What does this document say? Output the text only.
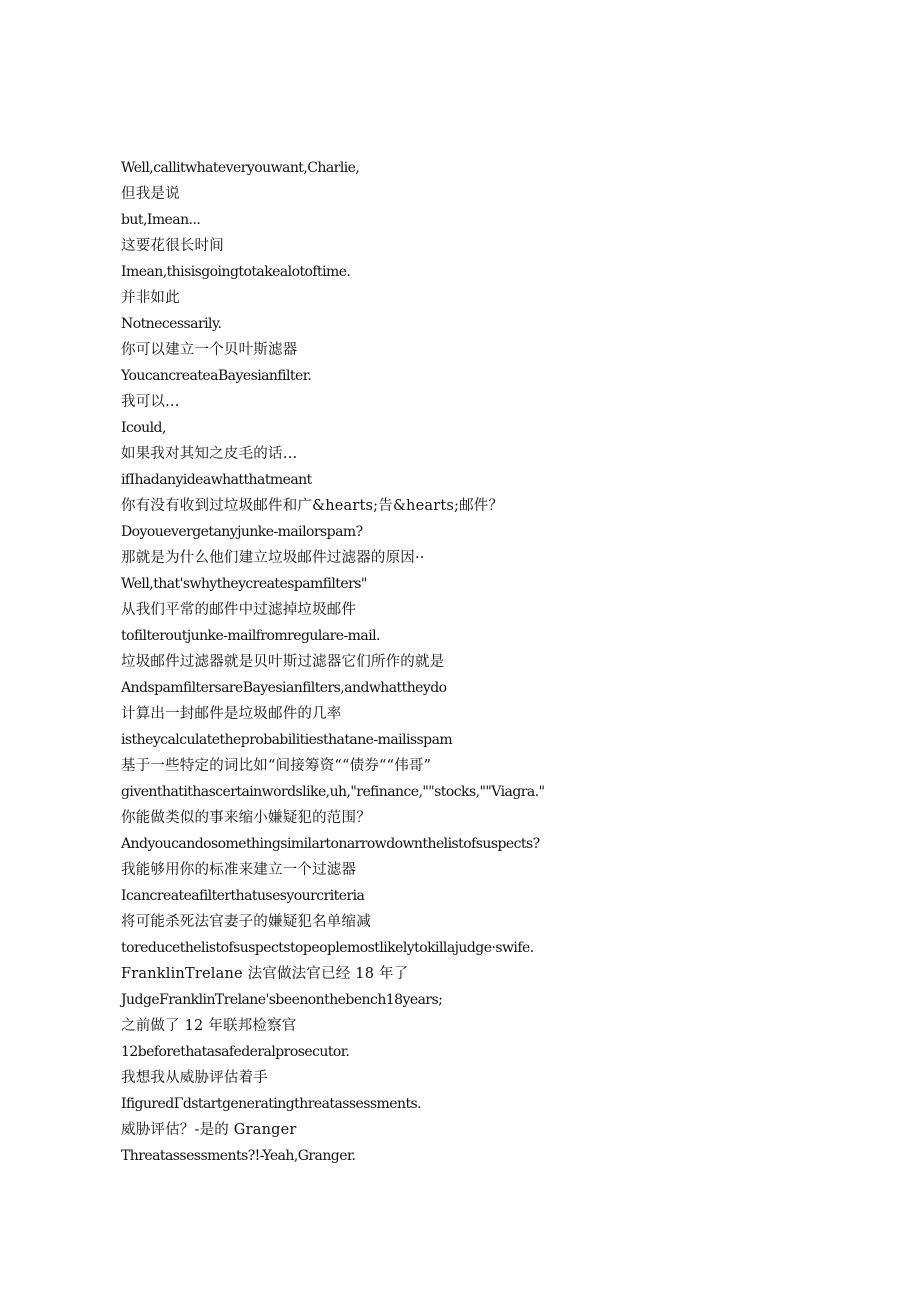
Well,callitwhateveryouwant,Charlie,
但我是说
but,Imean...
这要花很长时间
Imean,thisisgoingtotakealotoftime.
并非如此
Notnecessarily.
你可以建立一个贝叶斯滤器
YoucancreateaBayesianfilter.
我可以...
Icould,
如果我对其知之皮毛的话…
ifIhadanyideawhatthatmeant
你有没有收到过垃圾邮件和广&hearts;告&hearts;邮件？
Doyouevergetanyjunke-mailorspam?
那就是为什么他们建立垃圾邮件过滤器的原因··
Well,that'swhytheycreatespamfilters"
从我们平常的邮件中过滤掉垃圾邮件
tofilteroutjunke-mailfromregulare-mail.
垃圾邮件过滤器就是贝叶斯过滤器它们所作的就是
AndspamfiltersareBayesianfilters,andwhattheydo
计算出一封邮件是垃圾邮件的几率
istheycalculatetheprobabilitiesthatane-mailisspam
基于一些特定的词比如“间接筹资““债券““伟哥”
giventhatithascertainwordslike,uh,"refinance,""stocks,""Viagra."
你能做类似的事来缩小嫌疑犯的范围？
Andyoucandosomethingsimilartonarrowdownthelistofsuspects?
我能够用你的标准来建立一个过滤器
Icancreateafilterthatusesyourcriteria
将可能杀死法官妻子的嫌疑犯名单缩减
toreducethelistofsuspectstopeoplemostlikelytokillajudge·swife.
FranklinTrelane 法官做法官已经 18 年了
JudgeFranklinTrelane'sbeenonthebench18years;
之前做了 12 年联邦检察官
12beforethatasafederalprosecutor.
我想我从威胁评估着手
IfiguredΓdstartgeneratingthreatassessments.
威胁评估？-是的 Granger
Threatassessments?!-Yeah,Granger.
